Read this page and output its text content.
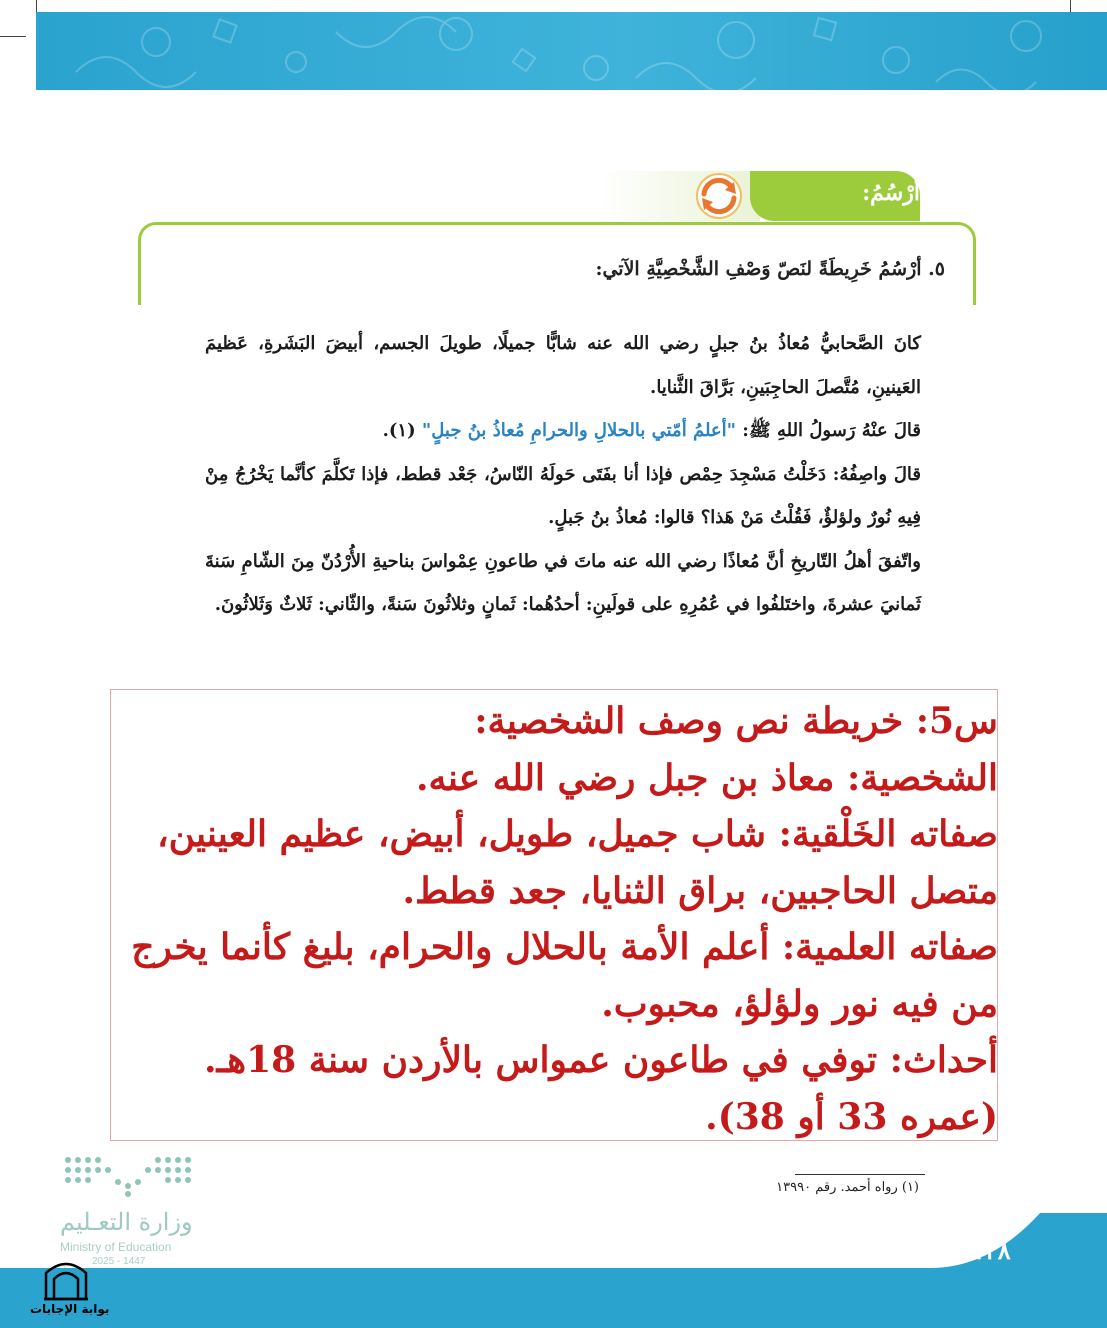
أرْسُمُ:
٥. أرْسُمُ خَرِيطَةً لنَصّ وَصْفِ الشَّخْصِيَّةِ الآتي:

كانَ الصَّحابيُّ مُعاذُ بنُ جبلٍ رضي الله عنه شابًّا جميلًا، طويلَ الجسم، أبيضَ البَشَرةِ، عَظيمَ العَينينِ، مُتَّصلَ الحاجِبَينِ، بَرَّاقَ الثَّنايا.

قالَ عنْهُ رَسولُ اللهِ ﷺ: "أعلمُ أمّتي بالحلالِ والحرامِ مُعاذُ بنُ جبلٍ" (١).

قالَ واصِفُهُ: دَخَلْتُ مَسْجِدَ حِمْص فإذا أنا بفَتَى حَولَهُ النّاسُ، جَعْد قطط، فإذا تَكلَّمَ كأنَّما يَخْرُجُ مِنْ فِيهِ نُورٌ ولؤلؤٌ، فَقُلْتُ مَنْ هَذا؟ قالوا: مُعاذُ بنُ جَبلٍ.

واتّفقَ أهلُ التّاريخِ أنَّ مُعاذًا رضي الله عنه ماتَ في طاعونِ عِمْواسَ بناحيةِ الأُرْدُنّ مِنَ الشّامِ سَنةَ ثَمانيَ عشرةَ، واختَلفُوا في عُمُرِهِ على قولَينِ: أحدُهُما: ثَمانٍ وثلاثُونَ سَنةً، والثّاني: ثَلاثٌ وَثَلاثُونَ.

س5: خريطة نص وصف الشخصية:
الشخصية: معاذ بن جبل رضي الله عنه.
صفاته الخَلْقية: شاب جميل، طويل، أبيض، عظيم العينين، متصل الحاجبين، براق الثنايا، جعد قطط.
صفاته العلمية: أعلم الأمة بالحلال والحرام، بليغ كأنما يخرج من فيه نور ولؤلؤ، محبوب.
أحداث: توفي في طاعون عمواس بالأردن سنة 18هـ. (عمره 33 أو 38).
(١) رواه أحمد. رقم ١٣٩٩٠
١٢٨
وزارة التعـليم
Ministry of Education
2025 - 1447
بوابة الإجابات
